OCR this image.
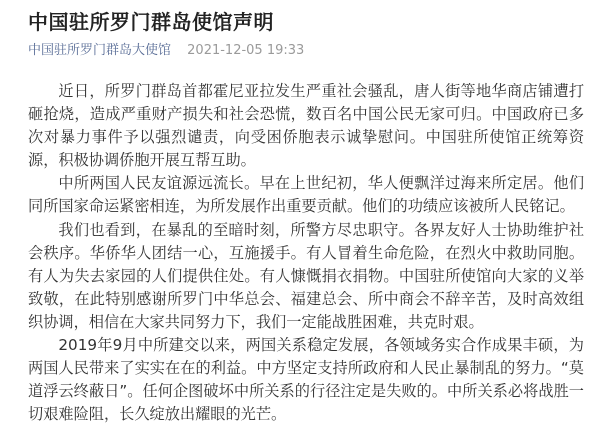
中国驻所罗门群岛使馆声明
中国驻所罗门群岛大使馆 2021-12-05 19:33

近日，所罗门群岛首都霍尼亚拉发生严重社会骚乱，唐人街等地华商店铺遭打砸抢烧，造成严重财产损失和社会恐慌，数百名中国公民无家可归。中国政府已多次对暴力事件予以强烈谴责，向受困侨胞表示诚挚慰问。中国驻所使馆正统筹资源，积极协调侨胞开展互帮互助。

中所两国人民友谊源远流长。早在上世纪初，华人便飘洋过海来所定居。他们同所国家命运紧密相连，为所发展作出重要贡献。他们的功绩应该被所人民铭记。

我们也看到，在暴乱的至暗时刻，所警方尽忠职守。各界友好人士协助维护社会秩序。华侨华人团结一心，互施援手。有人冒着生命危险，在烈火中救助同胞。有人为失去家园的人们提供住处。有人慷慨捐衣捐物。中国驻所使馆向大家的义举致敬，在此特别感谢所罗门中华总会、福建总会、所中商会不辞辛苦，及时高效组织协调，相信在大家共同努力下，我们一定能战胜困难，共克时艰。

2019年9月中所建交以来，两国关系稳定发展，各领域务实合作成果丰硕，为两国人民带来了实实在在的利益。中方坚定支持所政府和人民止暴制乱的努力。“莫道浮云终蔽日”。任何企图破坏中所关系的行径注定是失败的。中所关系必将战胜一切艰难险阻，长久绽放出耀眼的光芒。
